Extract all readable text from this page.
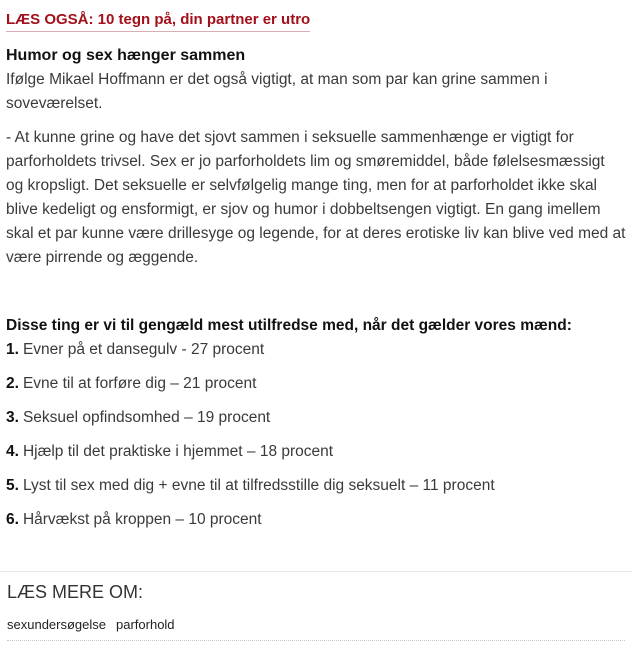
LÆS OGSÅ: 10 tegn på, din partner er utro
Humor og sex hænger sammen

Ifølge Mikael Hoffmann er det også vigtigt, at man som par kan grine sammen i soveværelset.

- At kunne grine og have det sjovt sammen i seksuelle sammenhænge er vigtigt for parforholdets trivsel. Sex er jo parforholdets lim og smøremiddel, både følelsesmæssigt og kropsligt. Det seksuelle er selvfølgelig mange ting, men for at parforholdet ikke skal blive kedeligt og ensformigt, er sjov og humor i dobbeltsengen vigtigt. En gang imellem skal et par kunne være drillesyge og legende, for at deres erotiske liv kan blive ved med at være pirrende og æggende.

Disse ting er vi til gengæld mest utilfredse med, når det gælder vores mænd:

1. Evner på et dansegulv - 27 procent
2. Evne til at forføre dig – 21 procent
3. Seksuel opfindsomhed – 19 procent
4. Hjælp til det praktiske i hjemmet – 18 procent
5. Lyst til sex med dig + evne til at tilfredsstille dig seksuelt – 11 procent
6. Hårvækst på kroppen – 10 procent
LÆS MERE OM:
sexundersøgelse parforhold
